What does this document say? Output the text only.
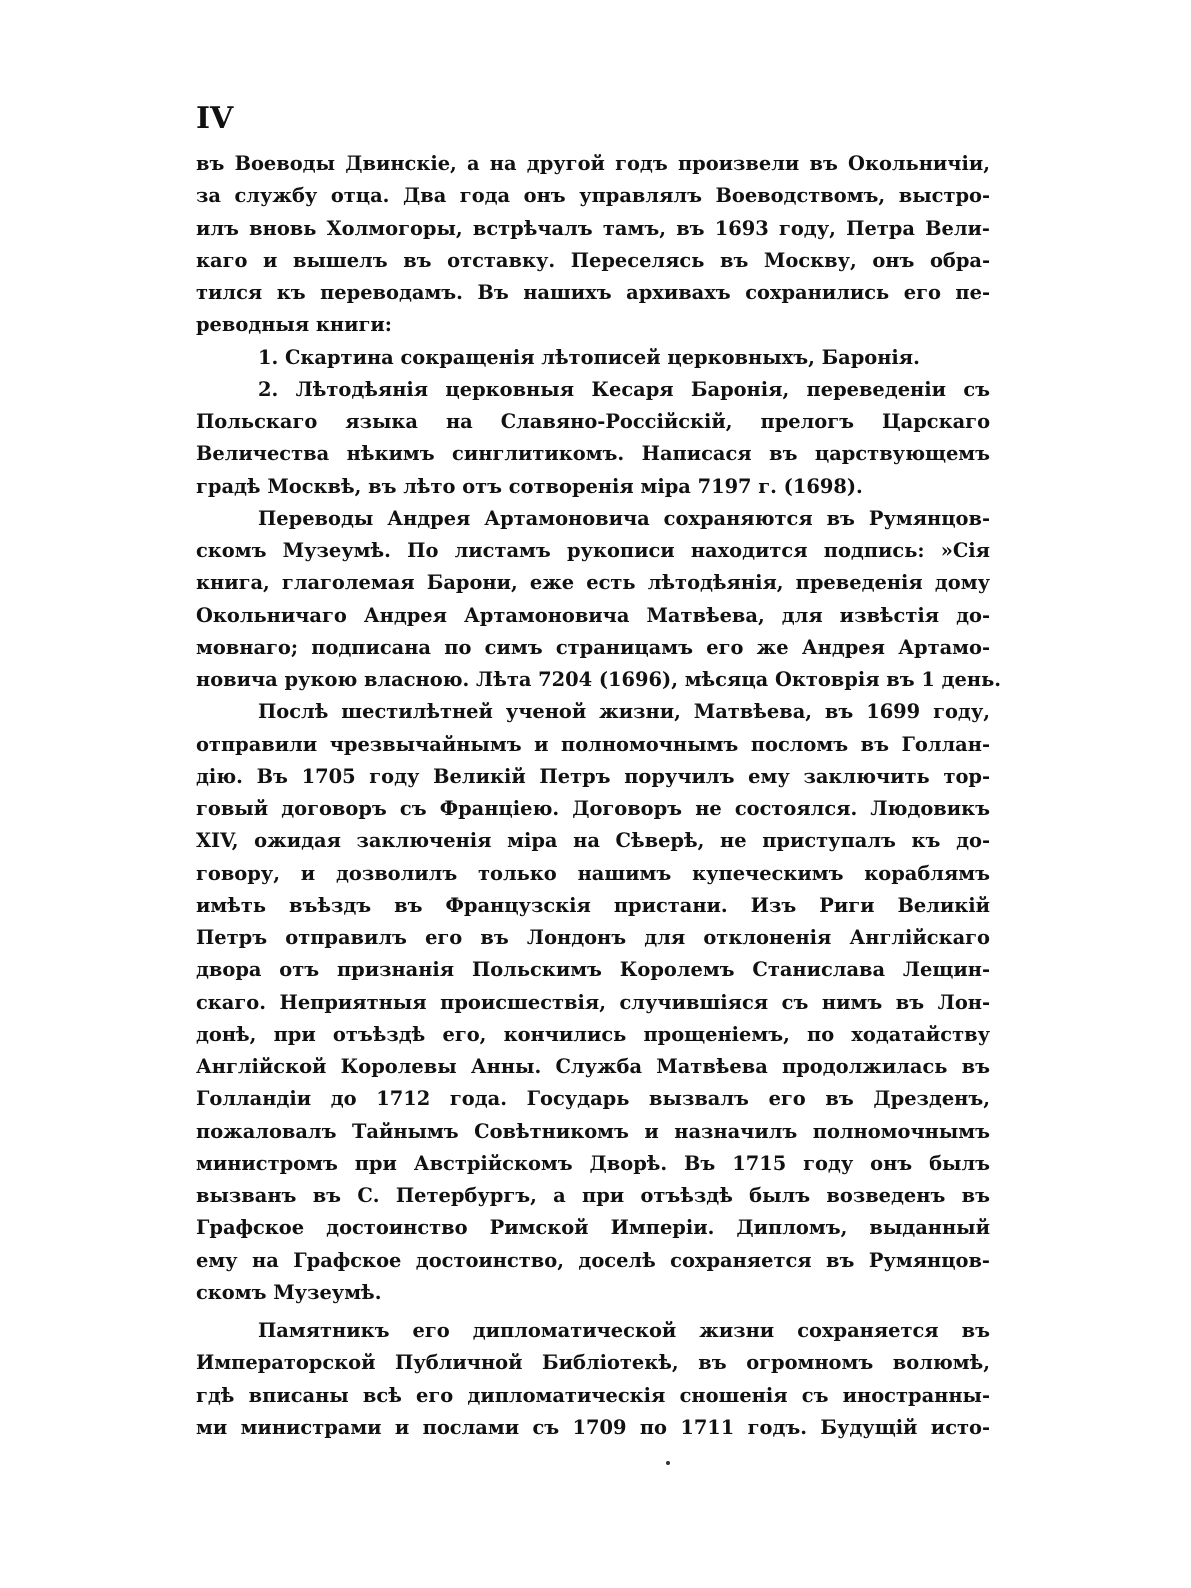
IV
въ Воеводы Двинскіе, а на другой годъ произвели въ Окольничіи,
за службу отца. Два года онъ управлялъ Воеводствомъ, выстро-
илъ вновь Холмогоры, встрѣчалъ тамъ, въ 1693 году, Петра Вели-
каго и вышелъ въ отставку. Переселясь въ Москву, онъ обра-
тился къ переводамъ. Въ нашихъ архивахъ сохранились его пе-
реводныя книги:
1. Скартина сокращенія лѣтописей церковныхъ, Баронія.
2. Лѣтодѣянія церковныя Кесаря Баронія, переведеніи съ
Польскаго языка на Славяно-Россійскій, прелогъ Царскаго
Величества нѣкимъ синглитикомъ. Написася въ царствующемъ
градѣ Москвѣ, въ лѣто отъ сотворенія міра 7197 г. (1698).
Переводы Андрея Артамоновича сохраняются въ Румянцов-
скомъ Музеумѣ. По листамъ рукописи находится подпись: »Сія
книга, глаголемая Барони, еже есть лѣтодѣянія, преведенія дому
Окольничаго Андрея Артамоновича Матвѣева, для извѣстія до-
мовнаго; подписана по симъ страницамъ его же Андрея Артамо-
новича рукою власною. Лѣта 7204 (1696), мѣсяца Октоврія въ 1 день.
Послѣ шестилѣтней ученой жизни, Матвѣева, въ 1699 году,
отправили чрезвычайнымъ и полномочнымъ посломъ въ Голлан-
дію. Въ 1705 году Великій Петръ поручилъ ему заключить тор-
говый договоръ съ Франціею. Договоръ не состоялся. Людовикъ
XIV, ожидая заключенія міра на Сѣверѣ, не приступалъ къ до-
говору, и дозволилъ только нашимъ купеческимъ кораблямъ
имѣть въѣздъ въ Французскія пристани. Изъ Риги Великій
Петръ отправилъ его въ Лондонъ для отклоненія Англійскаго
двора отъ признанія Польскимъ Королемъ Станислава Лещин-
скаго. Неприятныя происшествія, случившіяся съ нимъ въ Лон-
донѣ, при отъѣздѣ его, кончились прощеніемъ, по ходатайству
Англійской Королевы Анны. Служба Матвѣева продолжилась въ
Голландіи до 1712 года. Государь вызвалъ его въ Дрезденъ,
пожаловалъ Тайнымъ Совѣтникомъ и назначилъ полномочнымъ
министромъ при Австрійскомъ Дворѣ. Въ 1715 году онъ былъ
вызванъ въ С. Петербургъ, а при отъѣздѣ былъ возведенъ въ
Графское достоинство Римской Имперіи. Дипломъ, выданный
ему на Графское достоинство, доселѣ сохраняется въ Румянцов-
скомъ Музеумѣ.
Памятникъ его дипломатической жизни сохраняется въ
Императорской Публичной Библіотекѣ, въ огромномъ волюмѣ,
гдѣ вписаны всѣ его дипломатическія сношенія съ иностранны-
ми министрами и послами съ 1709 по 1711 годъ. Будущій исто-
